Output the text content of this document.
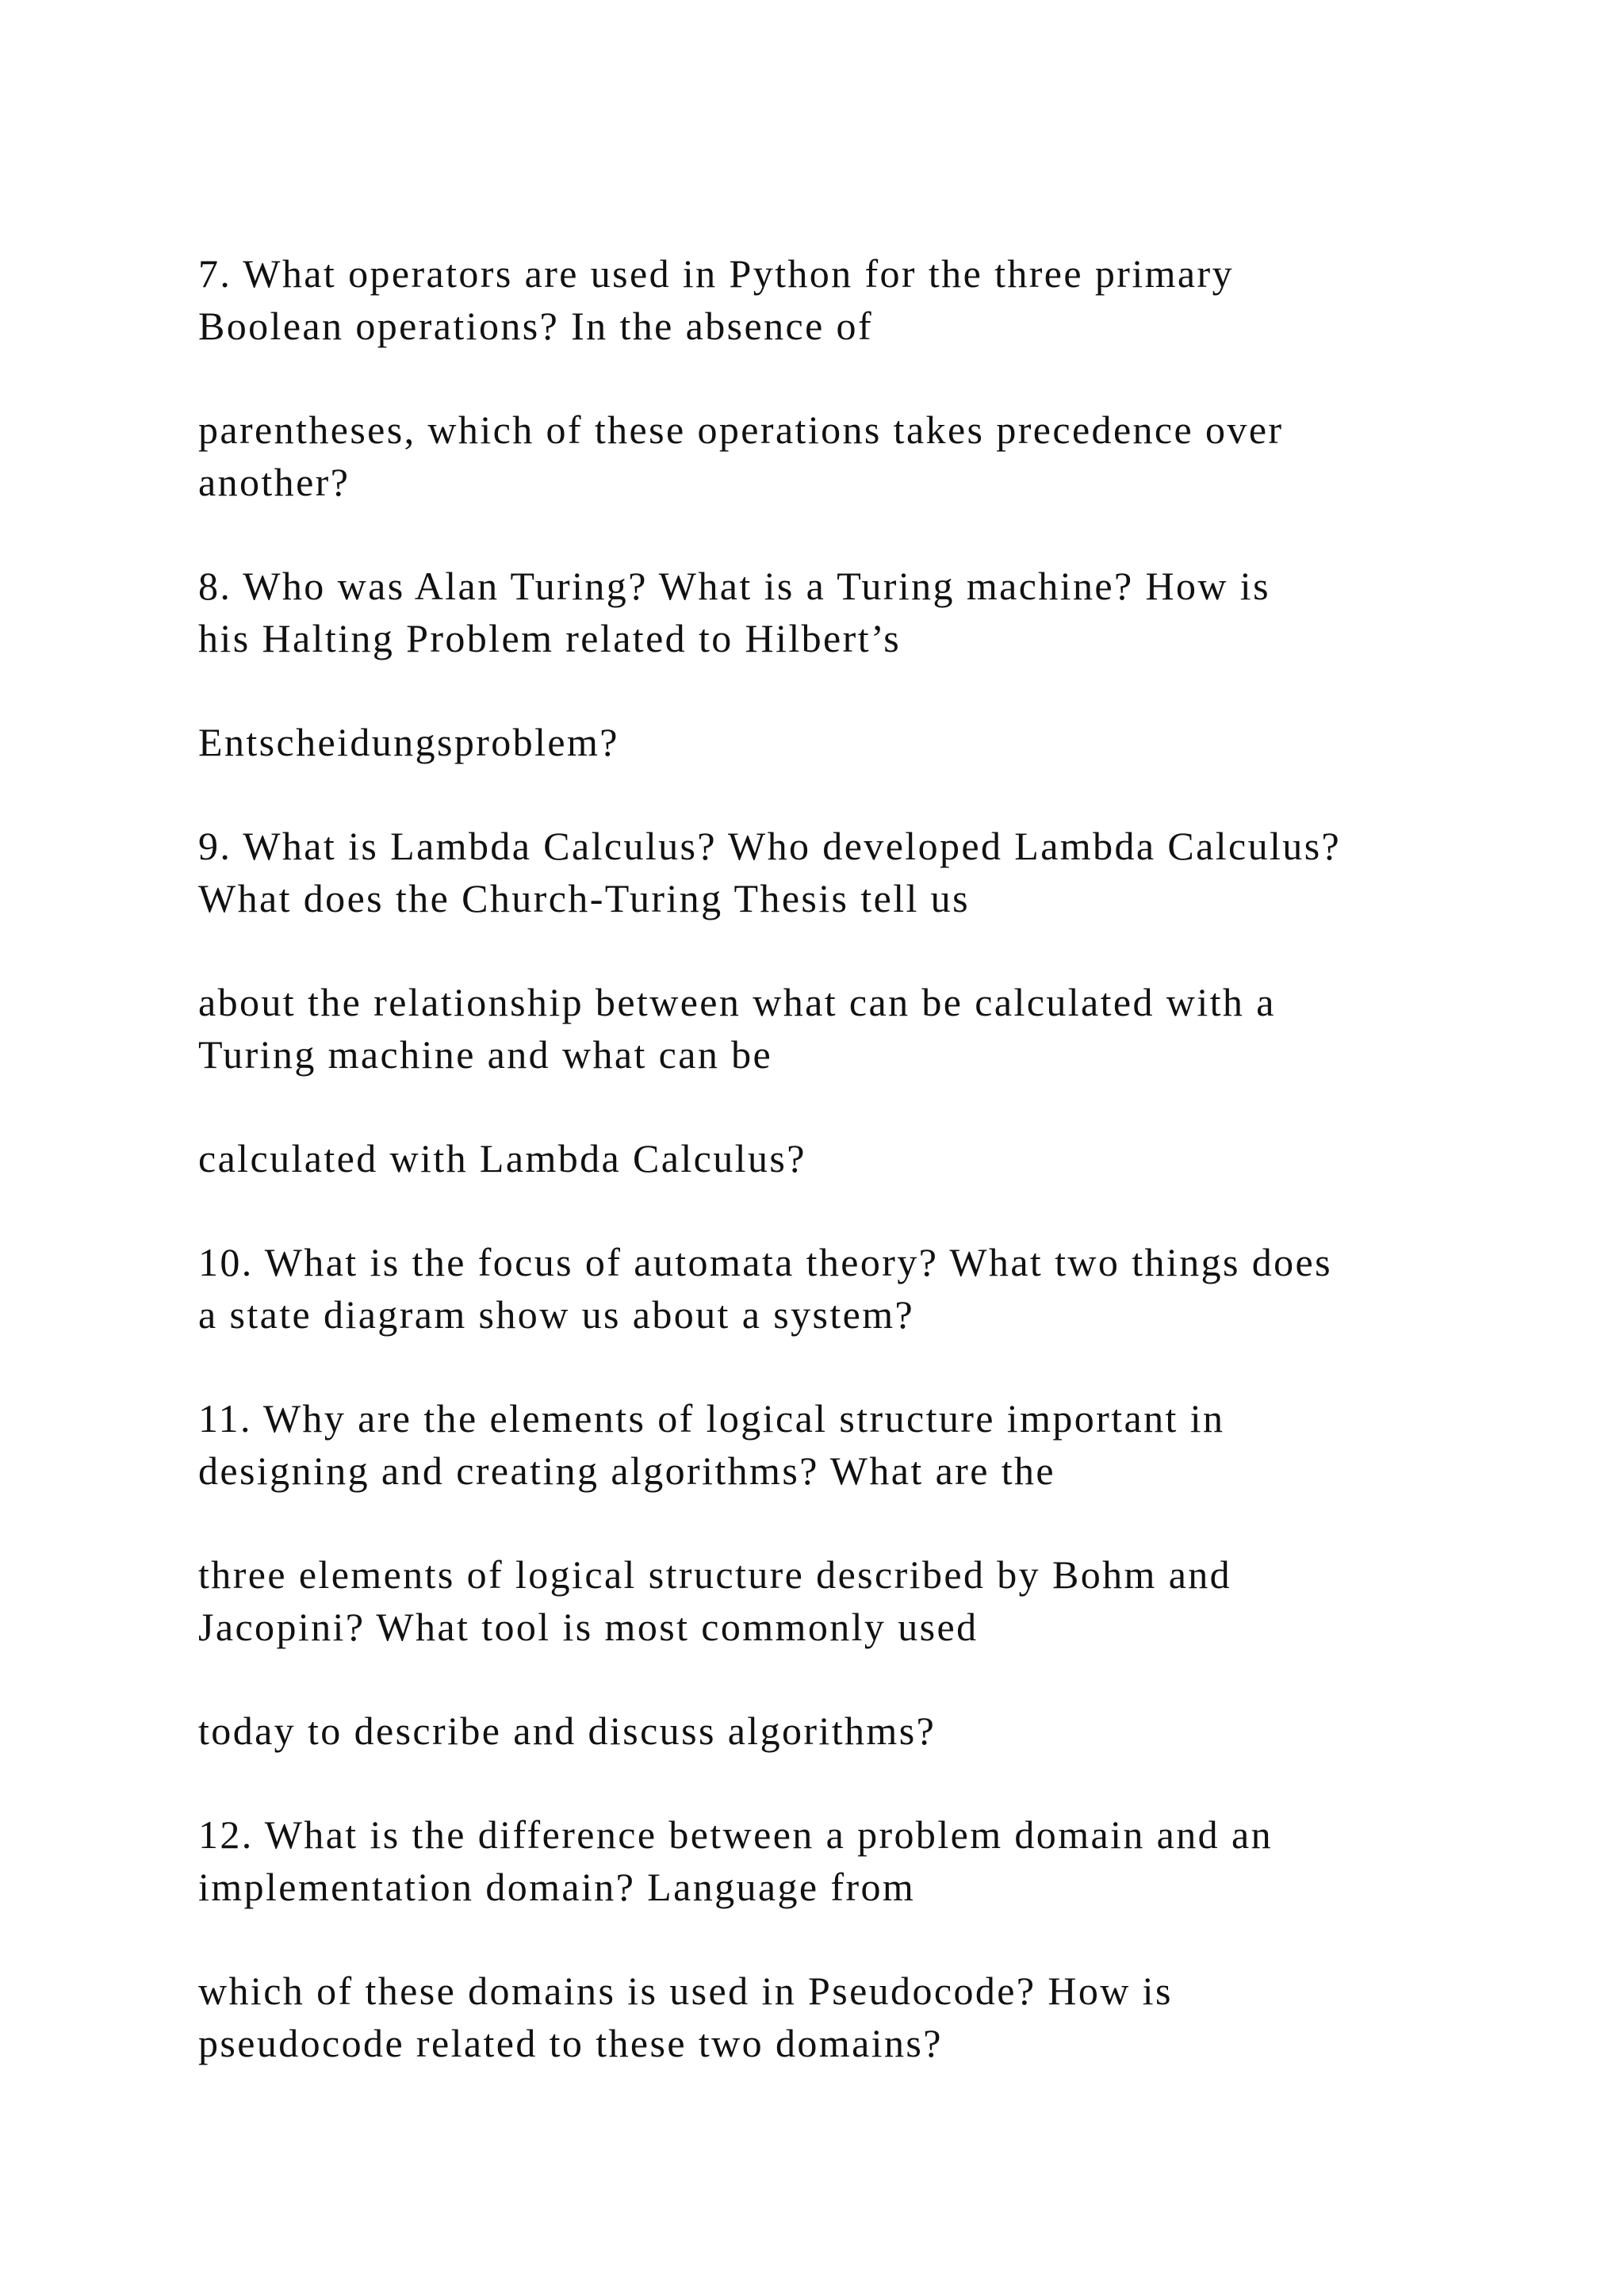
7. What operators are used in Python for the three primary
Boolean operations? In the absence of
parentheses, which of these operations takes precedence over
another?
8. Who was Alan Turing? What is a Turing machine? How is
his Halting Problem related to Hilbert’s
Entscheidungsproblem?
9. What is Lambda Calculus? Who developed Lambda Calculus?
What does the Church-Turing Thesis tell us
about the relationship between what can be calculated with a
Turing machine and what can be
calculated with Lambda Calculus?
10. What is the focus of automata theory? What two things does
a state diagram show us about a system?
11. Why are the elements of logical structure important in
designing and creating algorithms? What are the
three elements of logical structure described by Bohm and
Jacopini? What tool is most commonly used
today to describe and discuss algorithms?
12. What is the difference between a problem domain and an
implementation domain? Language from
which of these domains is used in Pseudocode? How is
pseudocode related to these two domains?
